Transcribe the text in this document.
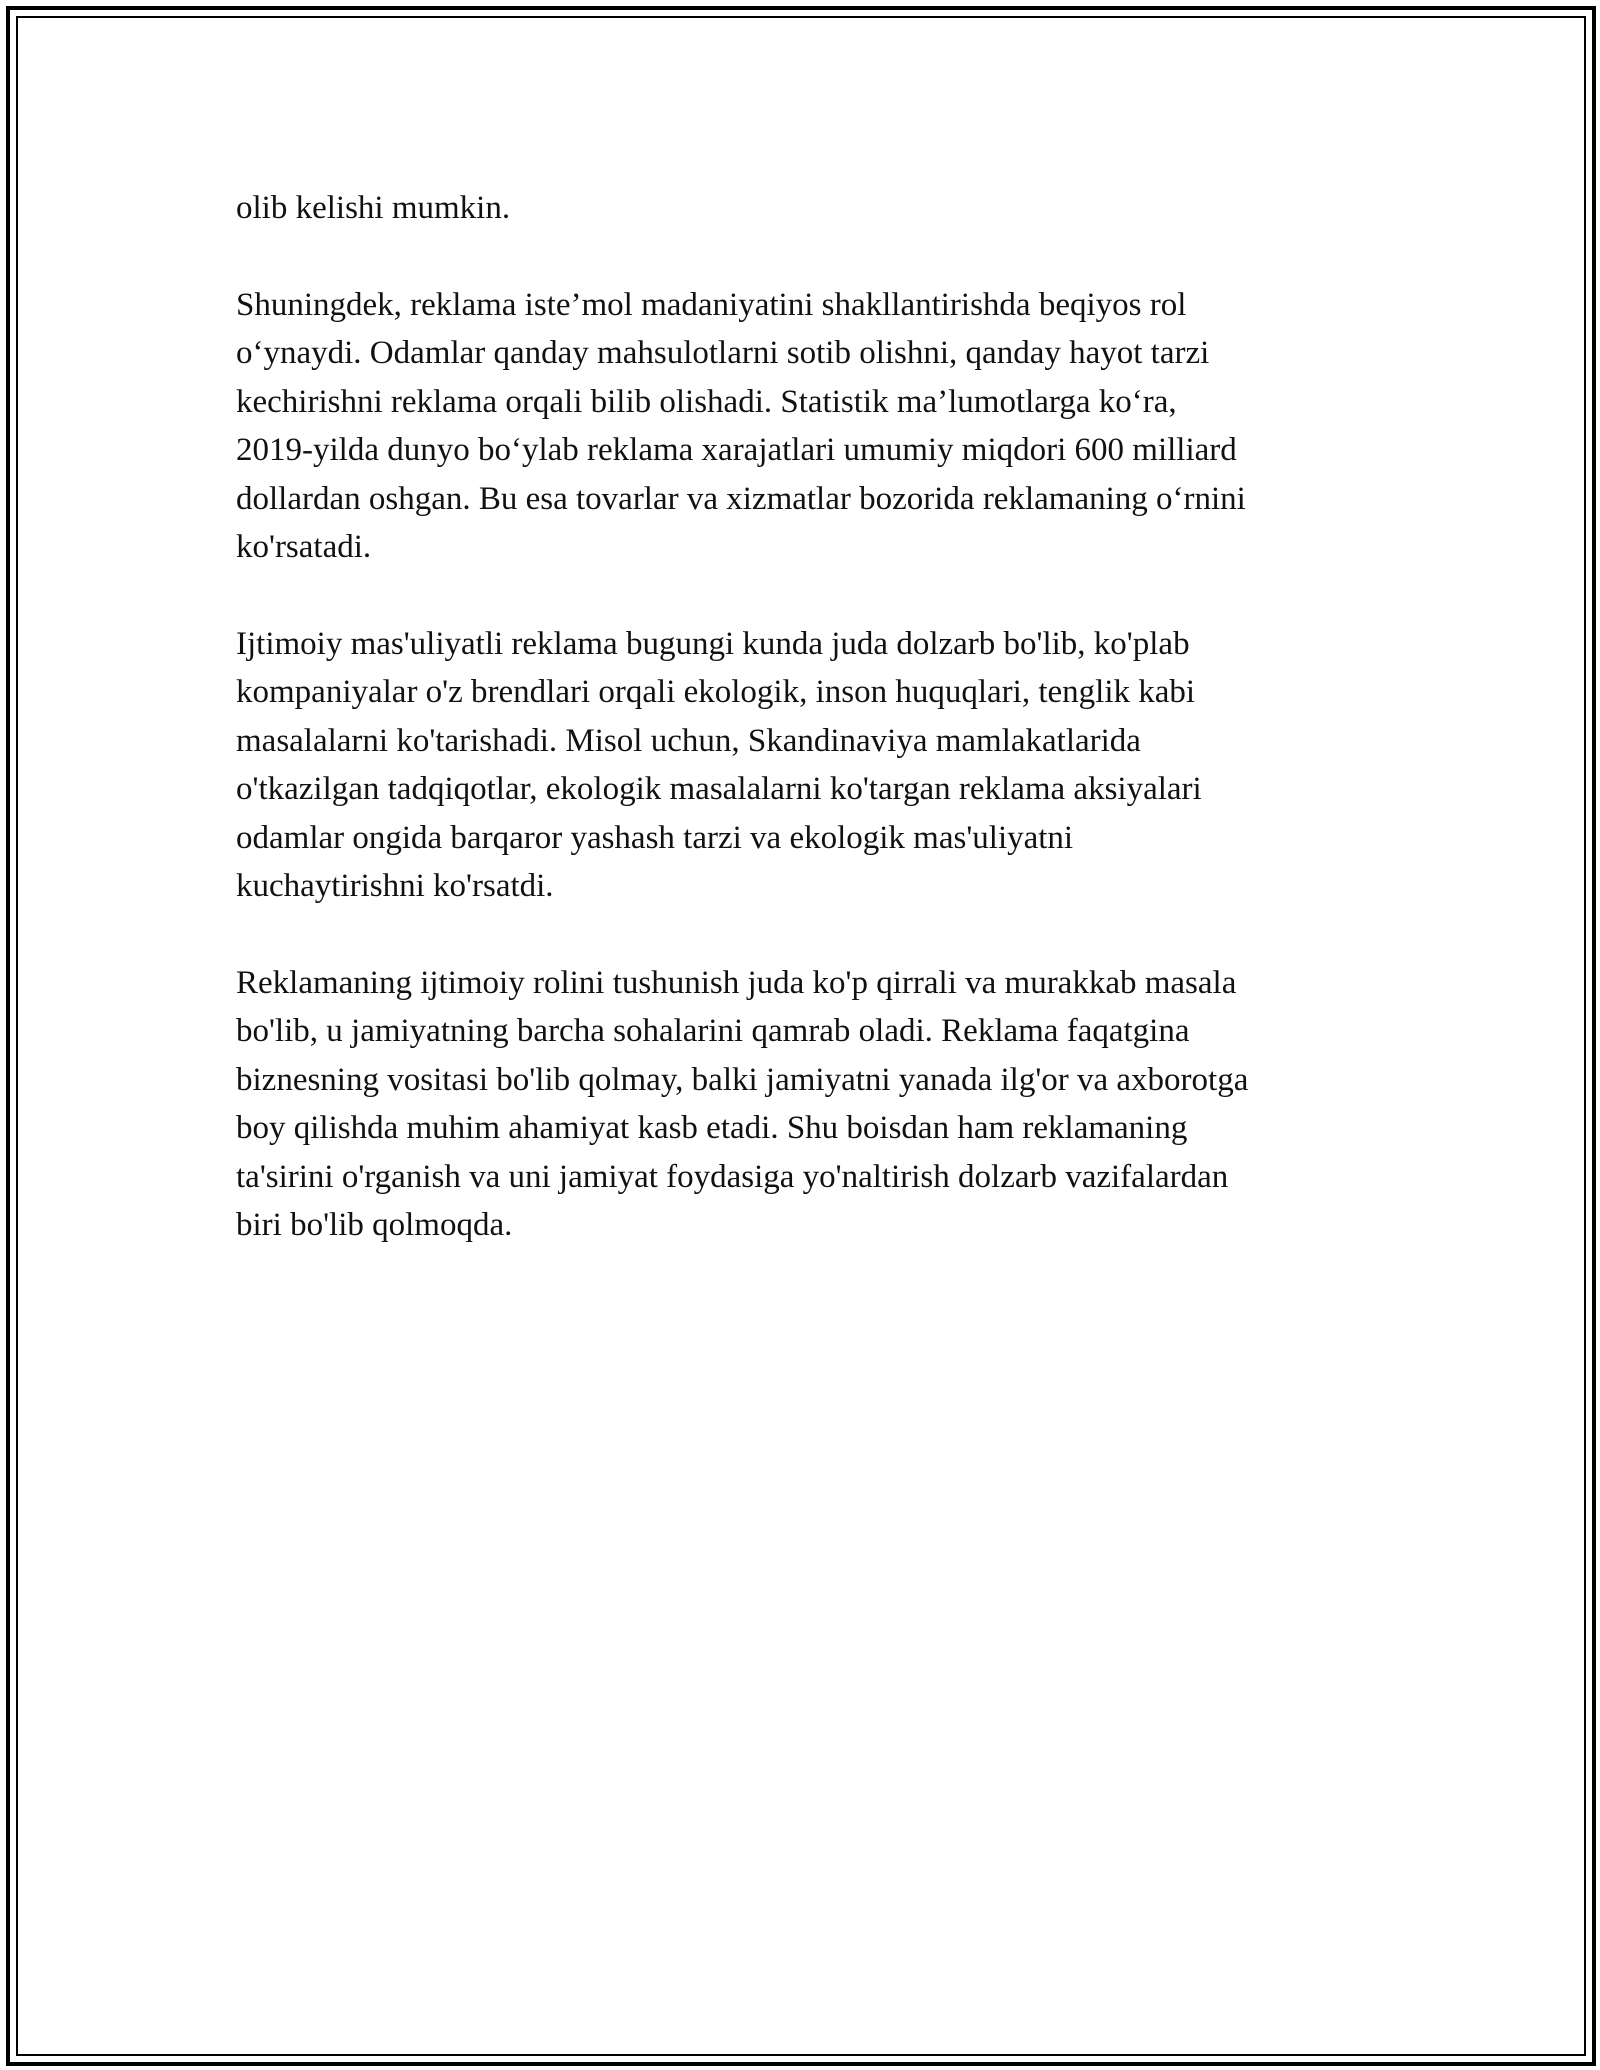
olib kelishi mumkin.

Shuningdek, reklama iste’mol madaniyatini shakllantirishda beqiyos rol
o‘ynaydi. Odamlar qanday mahsulotlarni sotib olishni, qanday hayot tarzi
kechirishni reklama orqali bilib olishadi. Statistik ma’lumotlarga ko‘ra,
2019-yilda dunyo bo‘ylab reklama xarajatlari umumiy miqdori 600 milliard
dollardan oshgan. Bu esa tovarlar va xizmatlar bozorida reklamaning o‘rnini
ko'rsatadi.

Ijtimoiy mas'uliyatli reklama bugungi kunda juda dolzarb bo'lib, ko'plab
kompaniyalar o'z brendlari orqali ekologik, inson huquqlari, tenglik kabi
masalalarni ko'tarishadi. Misol uchun, Skandinaviya mamlakatlarida
o'tkazilgan tadqiqotlar, ekologik masalalarni ko'targan reklama aksiyalari
odamlar ongida barqaror yashash tarzi va ekologik mas'uliyatni
kuchaytirishni ko'rsatdi.

Reklamaning ijtimoiy rolini tushunish juda ko'p qirrali va murakkab masala
bo'lib, u jamiyatning barcha sohalarini qamrab oladi. Reklama faqatgina
biznesning vositasi bo'lib qolmay, balki jamiyatni yanada ilg'or va axborotga
boy qilishda muhim ahamiyat kasb etadi. Shu boisdan ham reklamaning
ta'sirini o'rganish va uni jamiyat foydasiga yo'naltirish dolzarb vazifalardan
biri bo'lib qolmoqda.
